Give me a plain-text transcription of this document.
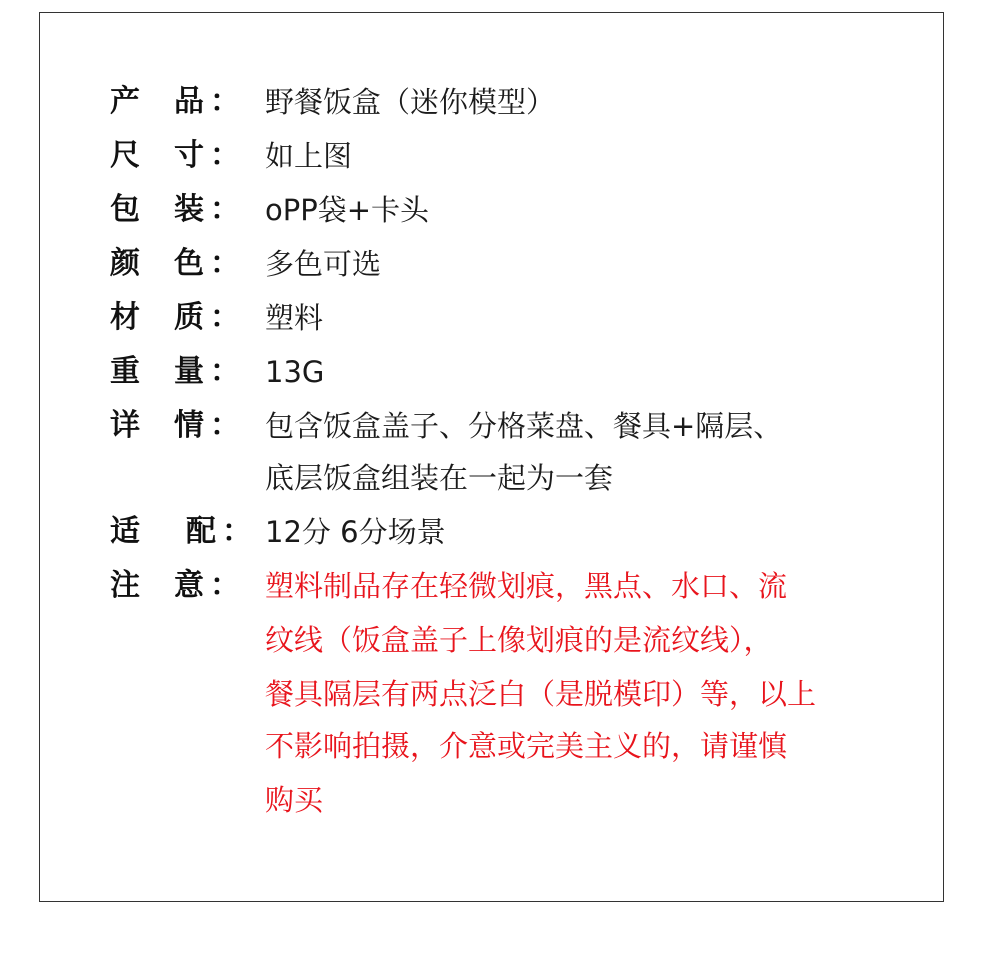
产 品 ： 野餐饭盒（迷你模型）
尺 寸 ： 如上图
包 装 ： oPP袋+卡头
颜 色 ： 多色可选
材 质 ： 塑料
重 量 ： 13G
详 情 ： 包含饭盒盖子、分格菜盘、餐具+隔层、
底层饭盒组装在一起为一套
适 配 ： 12分 6分场景
注 意 ： 塑料制品存在轻微划痕，黑点、水口、流
纹线（饭盒盖子上像划痕的是流纹线），
餐具隔层有两点泛白（是脱模印）等，以上
不影响拍摄，介意或完美主义的，请谨慎
购买
